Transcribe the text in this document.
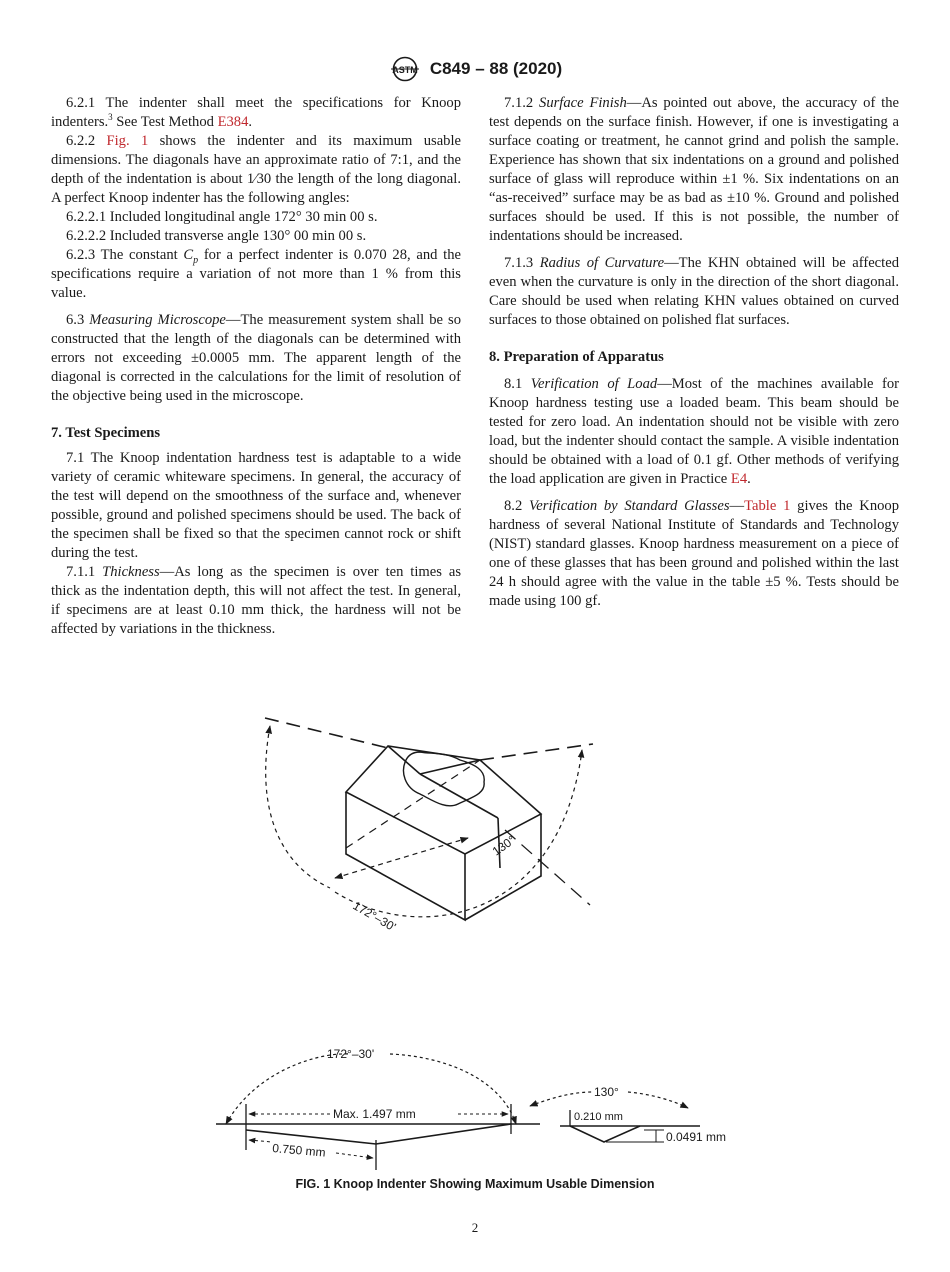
ASTM C849 – 88 (2020)

6.2.1 The indenter shall meet the specifications for Knoop indenters.$^3$ See Test Method E384.

6.2.2 Fig. 1 shows the indenter and its maximum usable dimensions. The diagonals have an approximate ratio of 7:1, and the depth of the indentation is about 1⁄30 the length of the long diagonal. A perfect Knoop indenter has the following angles:

6.2.2.1 Included longitudinal angle 172° 30 min 00 s.

6.2.2.2 Included transverse angle 130° 00 min 00 s.

6.2.3 The constant $C_p$ for a perfect indenter is 0.070 28, and the specifications require a variation of not more than 1 % from this value.

6.3 Measuring Microscope—The measurement system shall be so constructed that the length of the diagonals can be determined with errors not exceeding ±0.0005 mm. The apparent length of the diagonal is corrected in the calculations for the limit of resolution of the objective being used in the microscope.

7. Test Specimens

7.1 The Knoop indentation hardness test is adaptable to a wide variety of ceramic whiteware specimens. In general, the accuracy of the test will depend on the smoothness of the surface and, whenever possible, ground and polished specimens should be used. The back of the specimen shall be fixed so that the specimen cannot rock or shift during the test.

7.1.1 Thickness—As long as the specimen is over ten times as thick as the indentation depth, this will not affect the test. In general, if specimens are at least 0.10 mm thick, the hardness will not be affected by variations in the thickness.

7.1.2 Surface Finish—As pointed out above, the accuracy of the test depends on the surface finish. However, if one is investigating a surface coating or treatment, he cannot grind and polish the sample. Experience has shown that six indentations on a ground and polished surface of glass will reproduce within ±1 %. Six indentations on an “as-received” surface may be as bad as ±10 %. Ground and polished surfaces should be used. If this is not possible, the number of indentations should be increased.

7.1.3 Radius of Curvature—The KHN obtained will be affected even when the curvature is only in the direction of the short diagonal. Care should be used when relating KHN values obtained on curved surfaces to those obtained on polished flat surfaces.

8. Preparation of Apparatus

8.1 Verification of Load—Most of the machines available for Knoop hardness testing use a loaded beam. This beam should be tested for zero load. An indentation should not be visible with zero load, but the indenter should contact the sample. A visible indentation should be obtained with a load of 0.1 gf. Other methods of verifying the load application are given in Practice E4.

8.2 Verification by Standard Glasses—Table 1 gives the Knoop hardness of several National Institute of Standards and Technology (NIST) standard glasses. Knoop hardness measurement on a piece of one of these glasses that has been ground and polished within the last 24 h should agree with the value in the table ±5 %. Tests should be made using 100 gf.

130°
172°–30'
172°–30'
Max. 1.497 mm
0.750 mm
130°
0.210 mm
0.0491 mm
FIG. 1 Knoop Indenter Showing Maximum Usable Dimension
2
